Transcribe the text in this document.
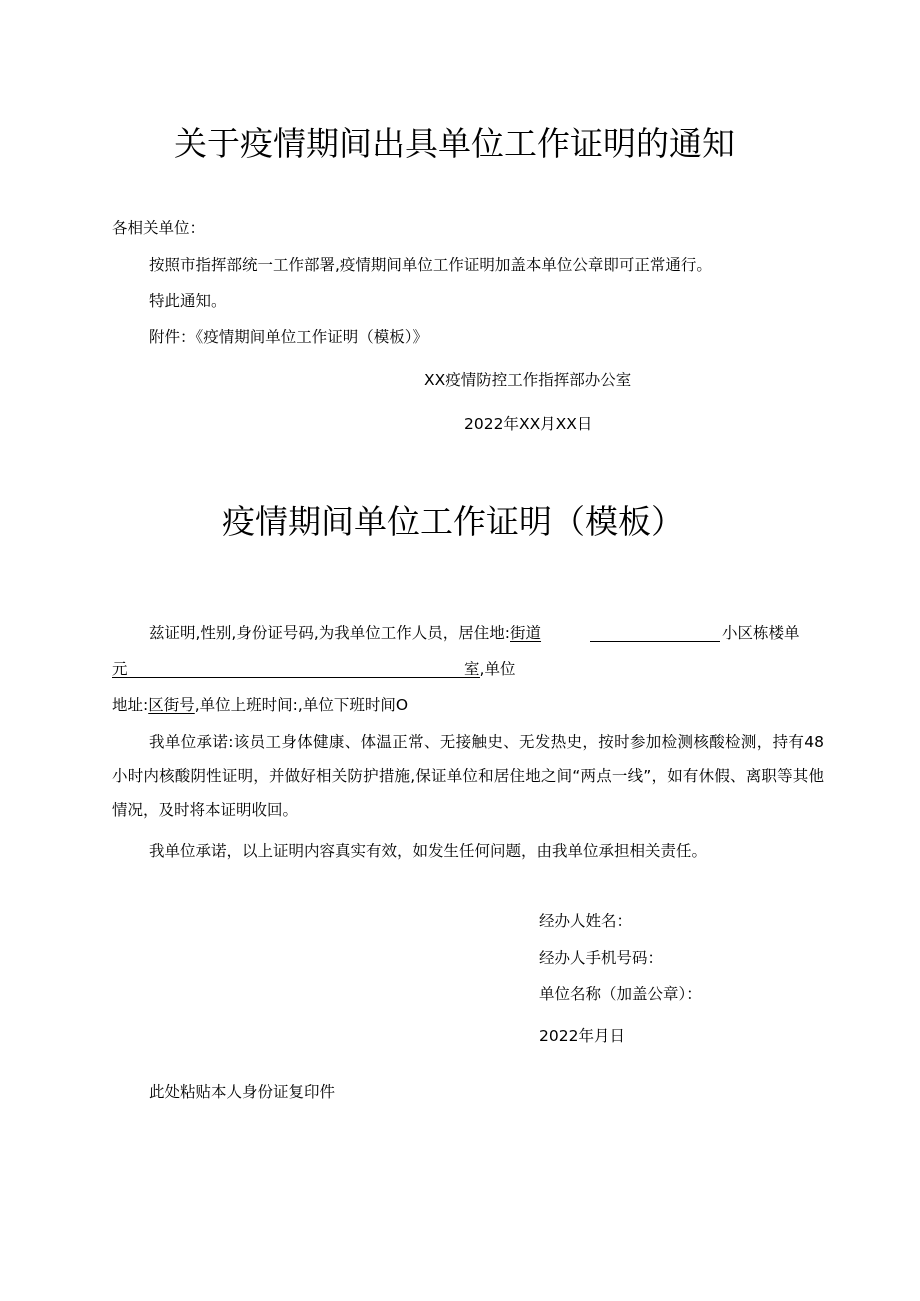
关于疫情期间出具单位工作证明的通知
各相关单位：
按照市指挥部统一工作部署,疫情期间单位工作证明加盖本单位公章即可正常通行。
特此通知。
附件：《疫情期间单位工作证明（模板）》
XX疫情防控工作指挥部办公室
2022年XX月XX日
疫情期间单位工作证明（模板）
兹证明,性别,身份证号码,为我单位工作人员，居住地:街道	小区栋楼单
元	室,单位
地址:区街号,单位上班时间:,单位下班时间O
我单位承诺:该员工身体健康、体温正常、无接触史、无发热史，按时参加检测核酸检测，持有48小时内核酸阴性证明，并做好相关防护措施,保证单位和居住地之间“两点一线”，如有休假、离职等其他情况，及时将本证明收回。
我单位承诺，以上证明内容真实有效，如发生任何问题，由我单位承担相关责任。
经办人姓名：
经办人手机号码：
单位名称（加盖公章）：
2022年月日
此处粘贴本人身份证复印件
